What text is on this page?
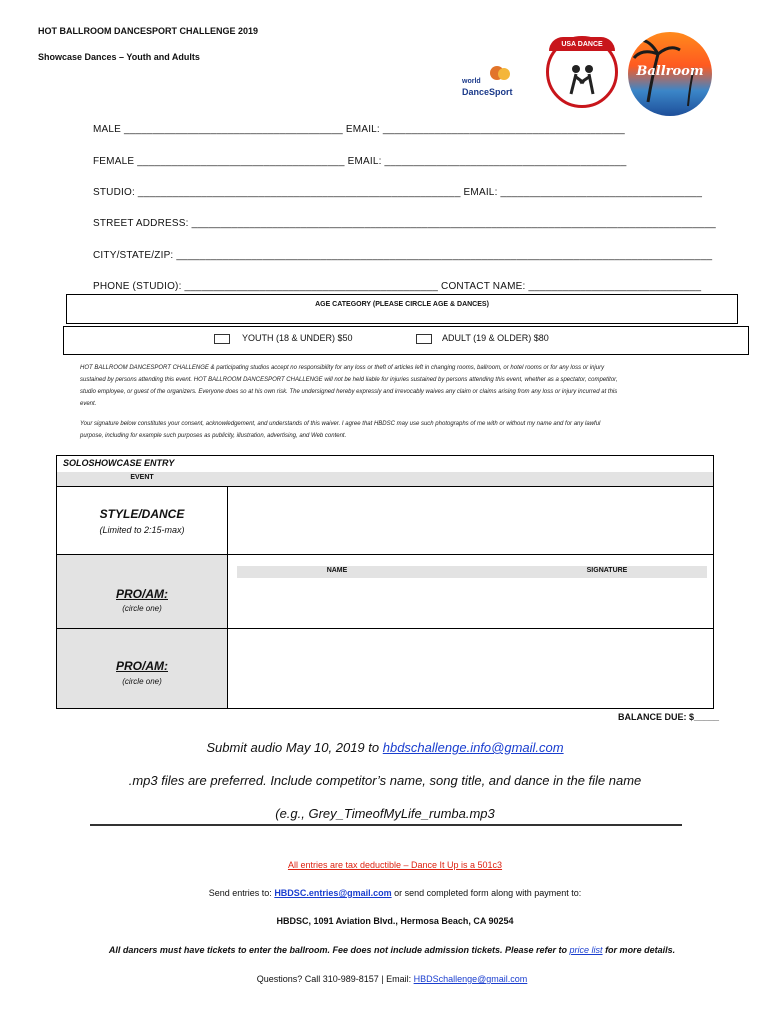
HOT BALLROOM DANCESPORT CHALLENGE 2019
Showcase Dances – Youth and Adults
world
DanceSport
USA DANCE
Ballroom
MALE ______________________________________ EMAIL: __________________________________________
FEMALE ____________________________________ EMAIL: __________________________________________
STUDIO: ________________________________________________________ EMAIL: ___________________________________
STREET ADDRESS: ___________________________________________________________________________________________
CITY/STATE/ZIP: _____________________________________________________________________________________________
PHONE (STUDIO): ____________________________________________ CONTACT NAME: ______________________________
AGE CATEGORY (PLEASE CIRCLE AGE & DANCES)
YOUTH (18 & UNDER) $50	ADULT (19 & OLDER) $80
HOT BALLROOM DANCESPORT CHALLENGE & participating studios accept no responsibility for any loss or theft of articles left in changing rooms, ballroom, or hotel rooms or for any loss or injury sustained by persons attending this event. HOT BALLROOM DANCESPORT CHALLENGE will not be held liable for injuries sustained by persons attending this event, whether as a spectator, competitor, studio employee, or guest of the organizers. Everyone does so at his own risk. The undersigned hereby expressly and irrevocably waives any claim or claims arising from any loss or injury incurred at this event.
Your signature below constitutes your consent, acknowledgement, and understands of this waiver. I agree that HBDSC may use such photographs of me with or without my name and for any lawful purpose, including for example such purposes as publicity, illustration, advertising, and Web content.
SOLOSHOWCASE ENTRY
EVENT
STYLE/DANCE
(Limited to 2:15-max)
PRO/AM:
(circle one)
NAME	SIGNATURE
PRO/AM:
(circle one)
BALANCE DUE: $_____
Submit audio May 10, 2019 to hbdschallenge.info@gmail.com
.mp3 files are preferred. Include competitor’s name, song title, and dance in the file name
(e.g., Grey_TimeofMyLife_rumba.mp3
All entries are tax deductible – Dance It Up is a 501c3
Send entries to: HBDSC.entries@gmail.com or send completed form along with payment to:
HBDSC, 1091 Aviation Blvd., Hermosa Beach, CA 90254
All dancers must have tickets to enter the ballroom. Fee does not include admission tickets. Please refer to price list for more details.
Questions? Call 310-989-8157 | Email: HBDSchallenge@gmail.com
